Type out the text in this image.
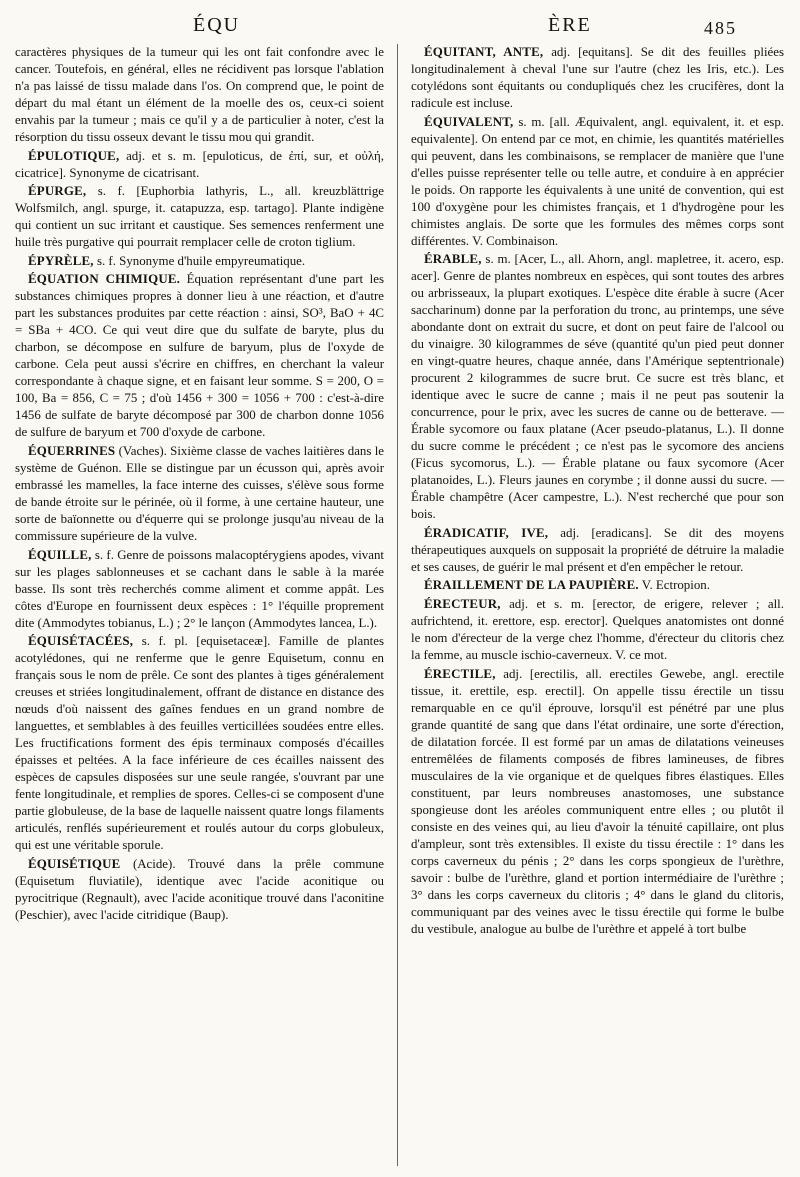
ÉQU	ÈRE	485

caractères physiques de la tumeur qui les ont fait confondre avec le cancer. Toutefois, en général, elles ne récidivent pas lorsque l'ablation n'a pas laissé de tissu malade dans l'os. On comprend que, le point de départ du mal étant un élément de la moelle des os, ceux-ci soient envahis par la tumeur ; mais ce qu'il y a de particulier à noter, c'est la résorption du tissu osseux devant le tissu mou qui grandit.

ÉPULOTIQUE, adj. et s. m. [epuloticus, de ἐπί, sur, et οὐλή, cicatrice]. Synonyme de cicatrisant.

ÉPURGE, s. f. [Euphorbia lathyris, L., all. kreuzblättrige Wolfsmilch, angl. spurge, it. catapuzza, esp. tartago]. Plante indigène qui contient un suc irritant et caustique. Ses semences renferment une huile très purgative qui pourrait remplacer celle de croton tiglium.

ÉPYRÈLE, s. f. Synonyme d'huile empyreumatique.

ÉQUATION CHIMIQUE. Équation représentant d'une part les substances chimiques propres à donner lieu à une réaction, et d'autre part les substances produites par cette réaction : ainsi, SO³, BaO + 4C = SBa + 4CO. Ce qui veut dire que du sulfate de baryte, plus du charbon, se décompose en sulfure de baryum, plus de l'oxyde de carbone. Cela peut aussi s'écrire en chiffres, en cherchant la valeur correspondante à chaque signe, et en faisant leur somme. S = 200, O = 100, Ba = 856, C = 75 ; d'où 1456 + 300 = 1056 + 700 : c'est-à-dire 1456 de sulfate de baryte décomposé par 300 de charbon donne 1056 de sulfure de baryum et 700 d'oxyde de carbone.

ÉQUERRINES (Vaches). Sixième classe de vaches laitières dans le système de Guénon. Elle se distingue par un écusson qui, après avoir embrassé les mamelles, la face interne des cuisses, s'élève sous forme de bande étroite sur le périnée, où il forme, à une certaine hauteur, une sorte de baïonnette ou d'équerre qui se prolonge jusqu'au niveau de la commissure supérieure de la vulve.

ÉQUILLE, s. f. Genre de poissons malacoptérygiens apodes, vivant sur les plages sablonneuses et se cachant dans le sable à la marée basse. Ils sont très recherchés comme aliment et comme appât. Les côtes d'Europe en fournissent deux espèces : 1° l'équille proprement dite (Ammodytes tobianus, L.) ; 2° le lançon (Ammodytes lancea, L.).

ÉQUISÉTACÉES, s. f. pl. [equisetaceæ]. Famille de plantes acotylédones, qui ne renferme que le genre Equisetum, connu en français sous le nom de prêle. Ce sont des plantes à tiges généralement creuses et striées longitudinalement, offrant de distance en distance des nœuds d'où naissent des gaînes fendues en un grand nombre de languettes, et semblables à des feuilles verticillées soudées entre elles. Les fructifications forment des épis terminaux composés d'écailles épaisses et peltées. A la face inférieure de ces écailles naissent des espèces de capsules disposées sur une seule rangée, s'ouvrant par une fente longitudinale, et remplies de spores. Celles-ci se composent d'une partie globuleuse, de la base de laquelle naissent quatre longs filaments articulés, renflés supérieurement et roulés autour du corps globuleux, qui est une véritable sporule.

ÉQUISÉTIQUE (Acide). Trouvé dans la prêle commune (Equisetum fluviatile), identique avec l'acide aconitique ou pyrocitrique (Regnault), avec l'acide aconitique trouvé dans l'aconitine (Peschier), avec l'acide citridique (Baup).

ÉQUITANT, ANTE, adj. [equitans]. Se dit des feuilles pliées longitudinalement à cheval l'une sur l'autre (chez les Iris, etc.). Les cotylédons sont équitants ou condupliqués chez les crucifères, dont la radicule est incluse.

ÉQUIVALENT, s. m. [all. Æquivalent, angl. equivalent, it. et esp. equivalente]. On entend par ce mot, en chimie, les quantités matérielles qui peuvent, dans les combinaisons, se remplacer de manière que l'une d'elles puisse représenter telle ou telle autre, et conduire à en apprécier le poids. On rapporte les équivalents à une unité de convention, qui est 100 d'oxygène pour les chimistes français, et 1 d'hydrogène pour les chimistes anglais. De sorte que les formules des mêmes corps sont différentes. V. Combinaison.

ÉRABLE, s. m. [Acer, L., all. Ahorn, angl. mapletree, it. acero, esp. acer]. Genre de plantes nombreux en espèces, qui sont toutes des arbres ou arbrisseaux, la plupart exotiques. L'espèce dite érable à sucre (Acer saccharinum) donne par la perforation du tronc, au printemps, une séve abondante dont on extrait du sucre, et dont on peut faire de l'alcool ou du vinaigre. 30 kilogrammes de séve (quantité qu'un pied peut donner en vingt-quatre heures, chaque année, dans l'Amérique septentrionale) procurent 2 kilogrammes de sucre brut. Ce sucre est très blanc, et identique avec le sucre de canne ; mais il ne peut pas soutenir la concurrence, pour le prix, avec les sucres de canne ou de betterave. — Érable sycomore ou faux platane (Acer pseudo-platanus, L.). Il donne du sucre comme le précédent ; ce n'est pas le sycomore des anciens (Ficus sycomorus, L.). — Érable platane ou faux sycomore (Acer platanoides, L.). Fleurs jaunes en corymbe ; il donne aussi du sucre. — Érable champêtre (Acer campestre, L.). N'est recherché que pour son bois.

ÉRADICATIF, IVE, adj. [eradicans]. Se dit des moyens thérapeutiques auxquels on supposait la propriété de détruire la maladie et ses causes, de guérir le mal présent et d'en empêcher le retour.

ÉRAILLEMENT DE LA PAUPIÈRE. V. Ectropion.

ÉRECTEUR, adj. et s. m. [erector, de erigere, relever ; all. aufrichtend, it. erettore, esp. erector]. Quelques anatomistes ont donné le nom d'érecteur de la verge chez l'homme, d'érecteur du clitoris chez la femme, au muscle ischio-caverneux. V. ce mot.

ÉRECTILE, adj. [erectilis, all. erectiles Gewebe, angl. erectile tissue, it. erettile, esp. erectil]. On appelle tissu érectile un tissu remarquable en ce qu'il éprouve, lorsqu'il est pénétré par une plus grande quantité de sang que dans l'état ordinaire, une sorte d'érection, de dilatation forcée. Il est formé par un amas de dilatations veineuses entremêlées de filaments composés de fibres lamineuses, de fibres musculaires de la vie organique et de quelques fibres élastiques. Elles constituent, par leurs nombreuses anastomoses, une substance spongieuse dont les aréoles communiquent entre elles ; ou plutôt il consiste en des veines qui, au lieu d'avoir la ténuité capillaire, ont plus d'ampleur, sont très extensibles. Il existe du tissu érectile : 1° dans les corps caverneux du pénis ; 2° dans les corps spongieux de l'urèthre, savoir : bulbe de l'urèthre, gland et portion intermédiaire de l'urèthre ; 3° dans les corps caverneux du clitoris ; 4° dans le gland du clitoris, communiquant par des veines avec le tissu érectile qui forme le bulbe du vestibule, analogue au bulbe de l'urèthre et appelé à tort bulbe
